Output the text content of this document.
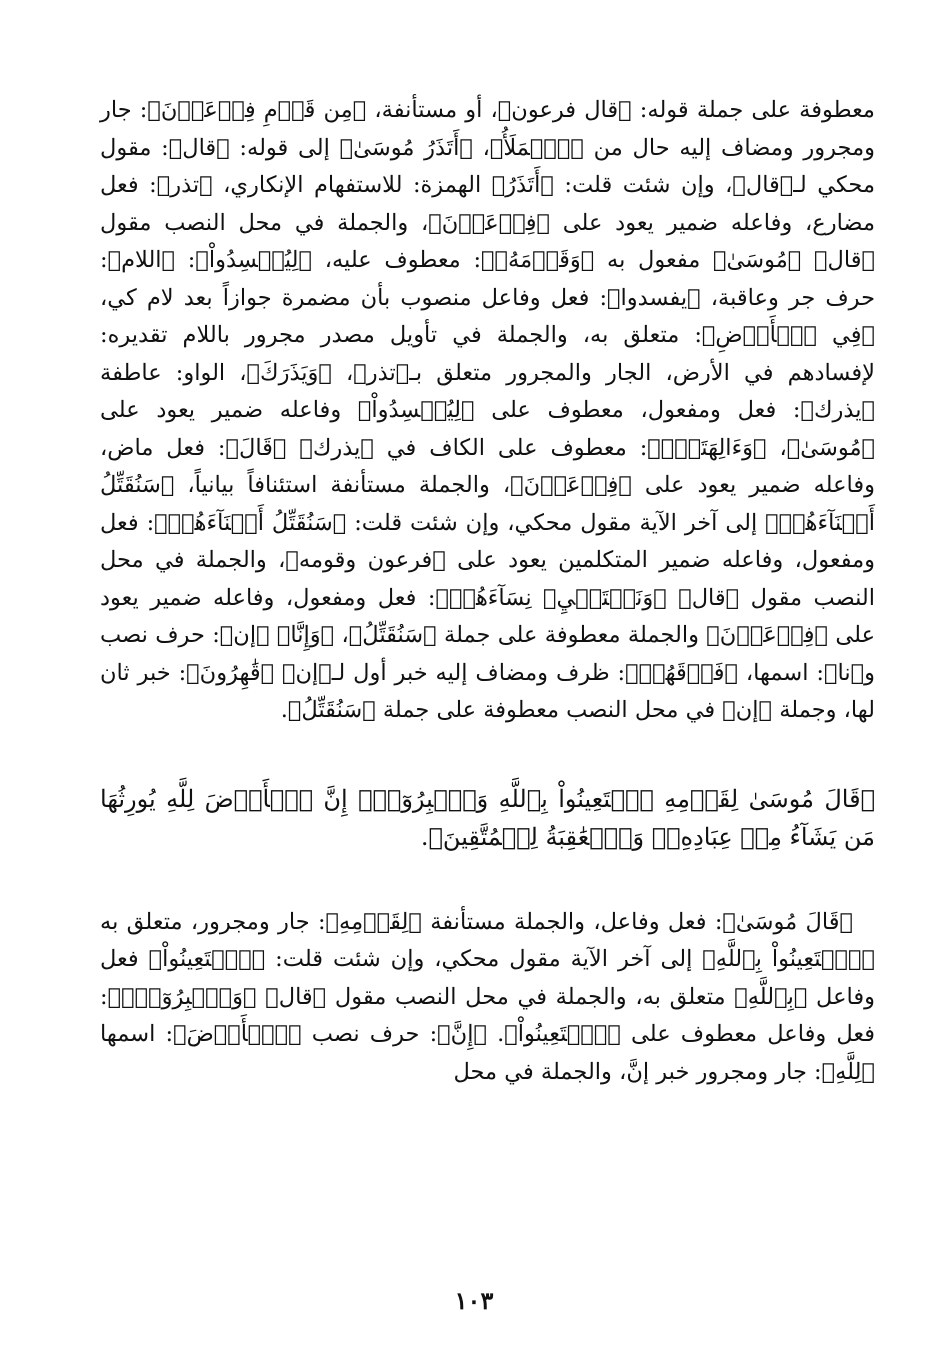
معطوفة على جملة قوله: ﴿قال فرعون﴾، أو مستأنفة، ﴿مِن قَوۡمِ فِرۡعَوۡنَ﴾: جار ومجرور ومضاف إليه حال من ﴿ٱلۡمَلَأُ﴾، ﴿أَتَذَرُ مُوسَىٰ﴾ إلى قوله: ﴿قال﴾: مقول محكي لـ﴿قال﴾، وإن شئت قلت: ﴿أَتَذَرُ﴾ الهمزة: للاستفهام الإنكاري، ﴿تذر﴾: فعل مضارع، وفاعله ضمير يعود على ﴿فِرۡعَوۡنَ﴾، والجملة في محل النصب مقول ﴿قال﴾ ﴿مُوسَىٰ﴾ مفعول به ﴿وَقَوۡمَهُۥ﴾: معطوف عليه، ﴿لِيُفۡسِدُواْ﴾: ﴿اللام﴾: حرف جر وعاقبة، ﴿يفسدوا﴾: فعل وفاعل منصوب بأن مضمرة جوازاً بعد لام كي، ﴿فِي ٱلۡأَرۡضِ﴾: متعلق به، والجملة في تأويل مصدر مجرور باللام تقديره: لإفسادهم في الأرض، الجار والمجرور متعلق بـ﴿تذر﴾، ﴿وَيَذَرَكَ﴾، الواو: عاطفة ﴿يذرك﴾: فعل ومفعول، معطوف على ﴿لِيُفۡسِدُواْ﴾ وفاعله ضمير يعود على ﴿مُوسَىٰ﴾، ﴿وَءَالِهَتَكَۚ﴾: معطوف على الكاف في ﴿يذرك﴾ ﴿قَالَ﴾: فعل ماض، وفاعله ضمير يعود على ﴿فِرۡعَوۡنَ﴾، والجملة مستأنفة استئنافاً بيانياً، ﴿سَنُقَتِّلُ أَبۡنَآءَهُمۡ﴾ إلى آخر الآية مقول محكي، وإن شئت قلت: ﴿سَنُقَتِّلُ أَبۡنَآءَهُمۡ﴾: فعل ومفعول، وفاعله ضمير المتكلمين يعود على ﴿فرعون وقومه﴾، والجملة في محل النصب مقول ﴿قال﴾ ﴿وَنَسۡتَحۡيِۦ نِسَآءَهُمۡ﴾: فعل ومفعول، وفاعله ضمير يعود على ﴿فِرۡعَوۡنَ﴾ والجملة معطوفة على جملة ﴿سَنُقَتِّلُ﴾، ﴿وَإِنَّا﴾ ﴿إن﴾: حرف نصب و﴿نا﴾: اسمها، ﴿فَوۡقَهُمۡ﴾: ظرف ومضاف إليه خبر أول لـ﴿إن﴾ ﴿قَٰهِرُونَ﴾: خبر ثان لها، وجملة ﴿إن﴾ في محل النصب معطوفة على جملة ﴿سَنُقَتِّلُ﴾.

﴿قَالَ مُوسَىٰ لِقَوۡمِهِ ٱسۡتَعِينُواْ بِٱللَّهِ وَٱصۡبِرُوٓاْۖ إِنَّ ٱلۡأَرۡضَ لِلَّهِ يُورِثُهَا مَن يَشَآءُ مِنۡ عِبَادِهِۦۖ وَٱلۡعَٰقِبَةُ لِلۡمُتَّقِينَ﴾.

﴿قَالَ مُوسَىٰ﴾: فعل وفاعل، والجملة مستأنفة ﴿لِقَوۡمِهِ﴾: جار ومجرور، متعلق به ﴿ٱسۡتَعِينُواْ بِٱللَّهِ﴾ إلى آخر الآية مقول محكي، وإن شئت قلت: ﴿ٱسۡتَعِينُواْ﴾ فعل وفاعل ﴿بِٱللَّهِ﴾ متعلق به، والجملة في محل النصب مقول ﴿قال﴾ ﴿وَٱصۡبِرُوٓاْۖ﴾: فعل وفاعل معطوف على ﴿ٱسۡتَعِينُواْ﴾. ﴿إِنَّ﴾: حرف نصب ﴿ٱلۡأَرۡضَ﴾: اسمها ﴿لِلَّهِ﴾: جار ومجرور خبر إنَّ، والجملة في محل

١٠٣
